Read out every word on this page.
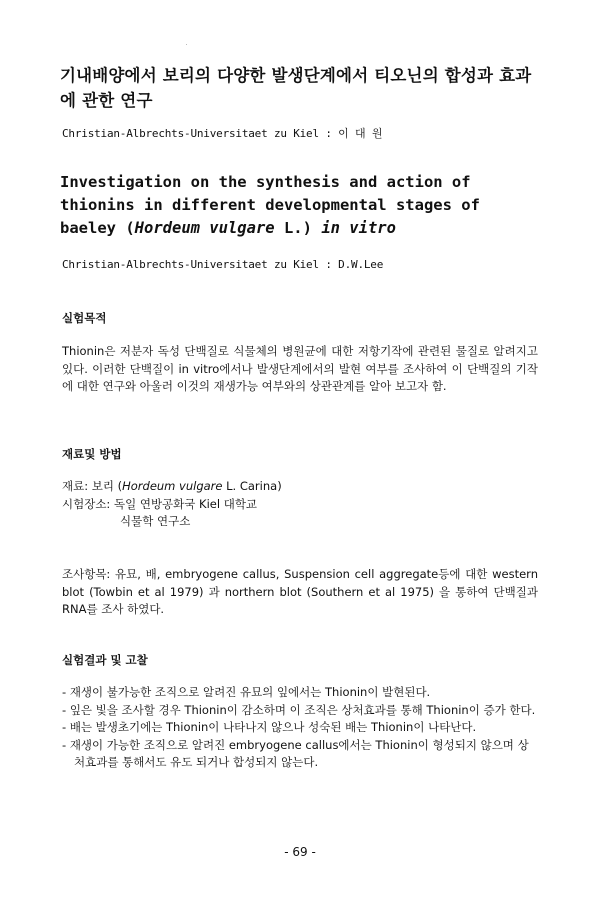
기내배양에서 보리의 다양한 발생단계에서 티오닌의 합성과 효과에 관한 연구
Christian-Albrechts-Universitaet zu Kiel : 이 대 원
Investigation on the synthesis and action of thionins in different developmental stages of baeley (Hordeum vulgare L.) in vitro
Christian-Albrechts-Universitaet zu Kiel : D.W.Lee
실험목적
Thionin은 저분자 독성 단백질로 식물체의 병원균에 대한 저항기작에 관련된 물질로 알려지고 있다. 이러한 단백질이 in vitro에서나 발생단계에서의 발현 여부를 조사하여 이 단백질의 기작에 대한 연구와 아울러 이것의 재생가능 여부와의 상관관계를 알아 보고자 함.
재료및 방법
재료: 보리 (Hordeum vulgare L. Carina)
시험장소: 독일 연방공화국 Kiel 대학교
식물학 연구소
조사항목: 유묘, 배, embryogene callus, Suspension cell aggregate등에 대한 western blot (Towbin et al 1979) 과 northern blot (Southern et al 1975) 을 통하여 단백질과 RNA를 조사 하였다.
실험결과 및 고찰
- 재생이 불가능한 조직으로 알려진 유묘의 잎에서는 Thionin이 발현된다.
- 잎은 빛을 조사할 경우 Thionin이 감소하며 이 조직은 상처효과를 통해 Thionin이 증가 한다.
- 배는 발생초기에는 Thionin이 나타나지 않으나 성숙된 배는 Thionin이 나타난다.
- 재생이 가능한 조직으로 알려진 embryogene callus에서는 Thionin이 형성되지 않으며 상처효과를 통해서도 유도 되거나 합성되지 않는다.
- 69 -
